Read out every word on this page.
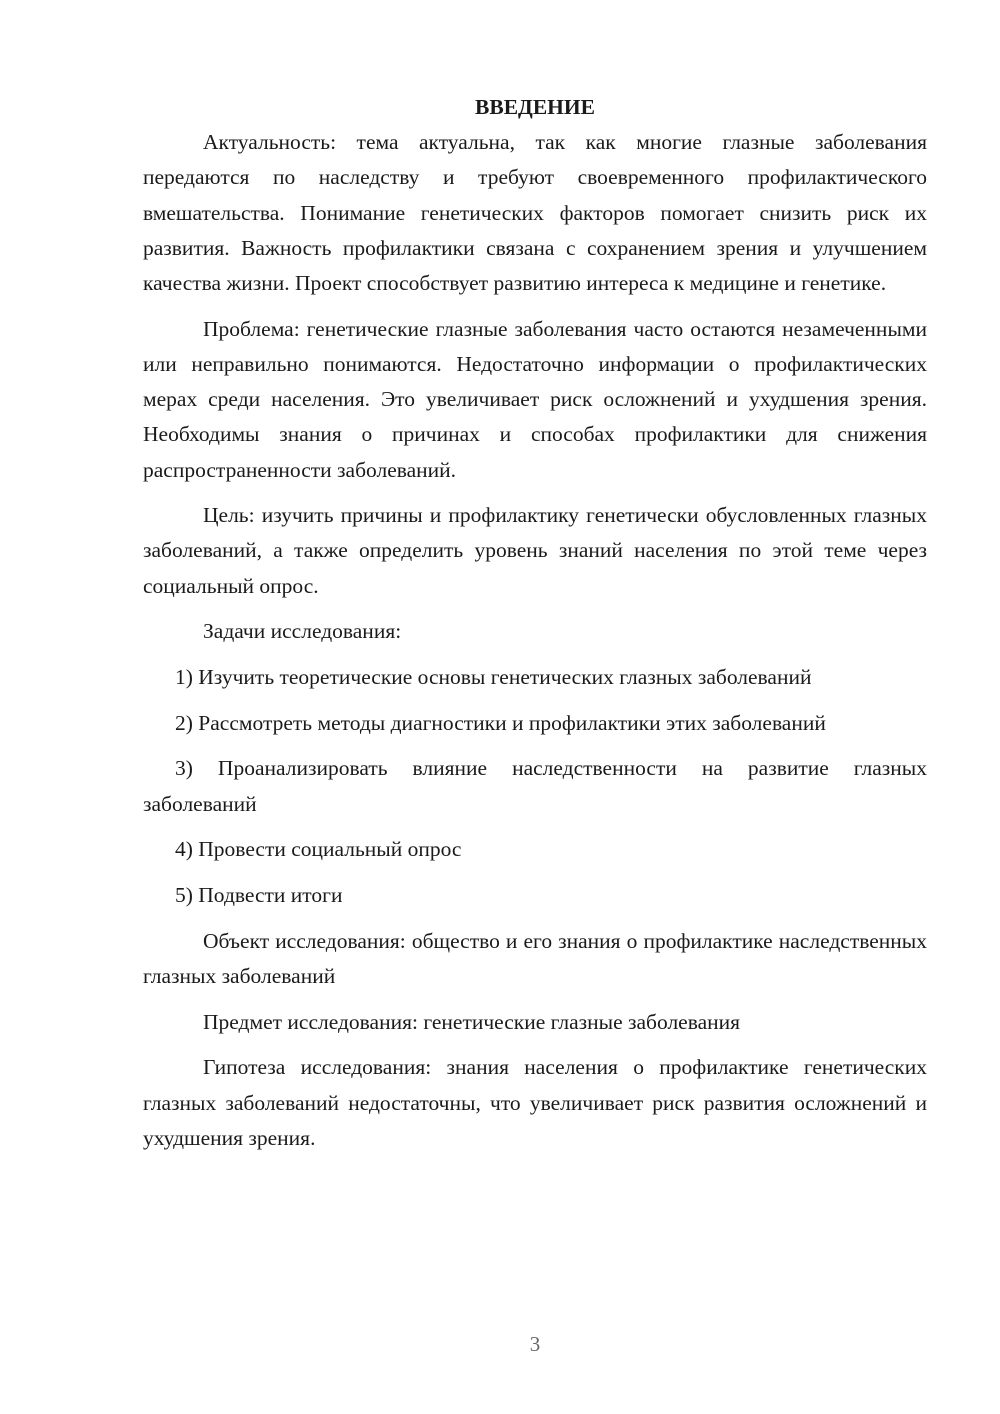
ВВЕДЕНИЕ

Актуальность: тема актуальна, так как многие глазные заболевания передаются по наследству и требуют своевременного профилактического вмешательства. Понимание генетических факторов помогает снизить риск их развития. Важность профилактики связана с сохранением зрения и улучшением качества жизни. Проект способствует развитию интереса к медицине и генетике.

Проблема: генетические глазные заболевания часто остаются незамеченными или неправильно понимаются. Недостаточно информации о профилактических мерах среди населения. Это увеличивает риск осложнений и ухудшения зрения. Необходимы знания о причинах и способах профилактики для снижения распространенности заболеваний.

Цель: изучить причины и профилактику генетически обусловленных глазных заболеваний, а также определить уровень знаний населения по этой теме через социальный опрос.

Задачи исследования:

1) Изучить теоретические основы генетических глазных заболеваний

2) Рассмотреть методы диагностики и профилактики этих заболеваний

3) Проанализировать влияние наследственности на развитие глазных заболеваний

4) Провести социальный опрос

5) Подвести итоги

Объект исследования: общество и его знания о профилактике наследственных глазных заболеваний

Предмет исследования: генетические глазные заболевания

Гипотеза исследования: знания населения о профилактике генетических глазных заболеваний недостаточны, что увеличивает риск развития осложнений и ухудшения зрения.

3
